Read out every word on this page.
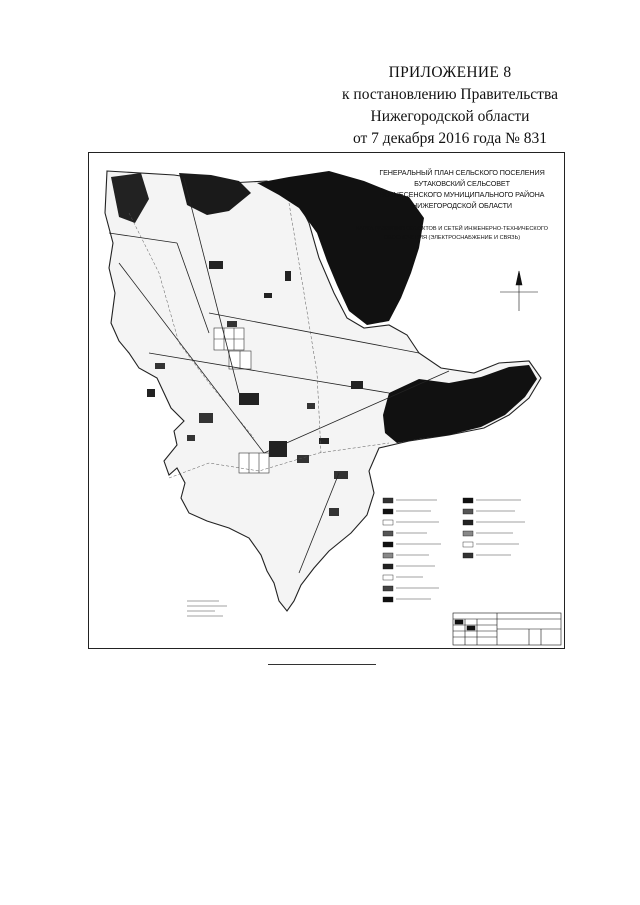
ПРИЛОЖЕНИЕ 8
к постановлению Правительства
Нижегородской области
от 7 декабря 2016 года № 831
ГЕНЕРАЛЬНЫЙ ПЛАН СЕЛЬСКОГО ПОСЕЛЕНИЯ
БУТАКОВСКИЙ СЕЛЬСОВЕТ
ВОЗНЕСЕНСКОГО МУНИЦИПАЛЬНОГО РАЙОНА
НИЖЕГОРОДСКОЙ ОБЛАСТИ
КАРТА РАЗВИТИЯ ОБЪЕКТОВ И СЕТЕЙ ИНЖЕНЕРНО-ТЕХНИЧЕСКОГО
ОБЕСПЕЧЕНИЯ (ЭЛЕКТРОСНАБЖЕНИЕ И СВЯЗЬ)
